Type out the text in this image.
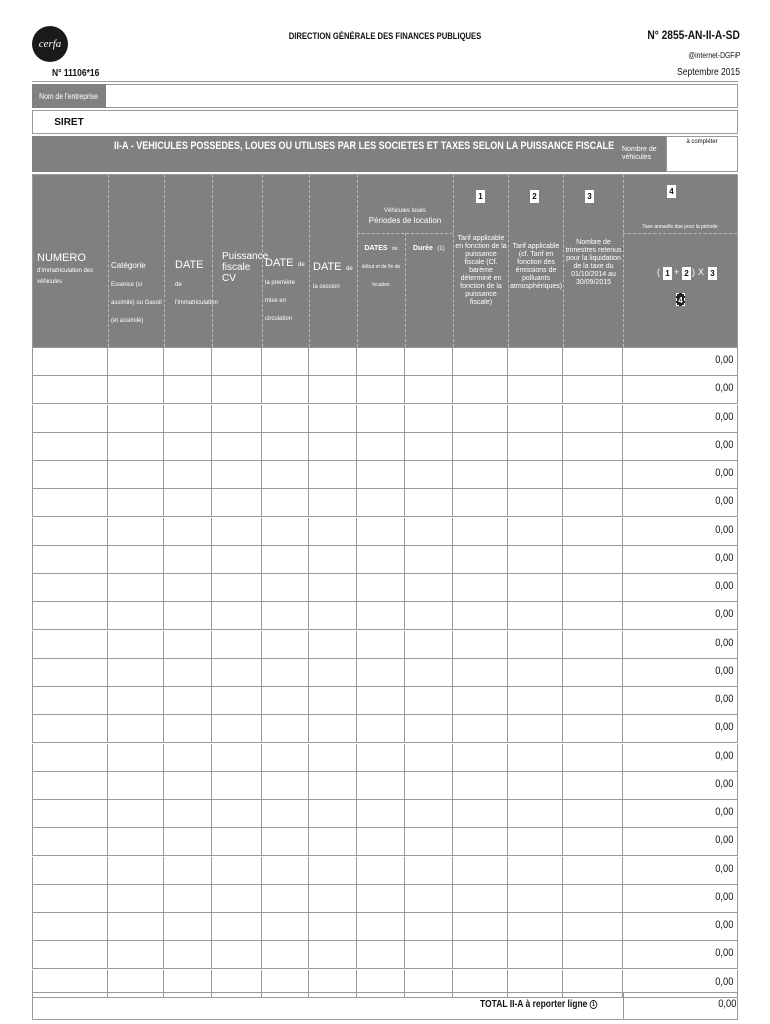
cerfa
DIRECTION GÉNÉRALE DES FINANCES PUBLIQUES	N° 2855-AN-II-A-SD
@internet-DGFiP
Septembre 2015
N° 11106*16
Nom de l'entreprise
SIRET
II-A - VEHICULES POSSEDES, LOUES OU UTILISES PAR LES SOCIETES ET TAXES SELON LA PUISSANCE FISCALE Nombre de véhicules
à compléter
NUMERO d'immatriculation des véhicules
Catégorie Essence (si assimilé) ou Gasoil (et assimilé)
DATE de l'immatriculation
Puissance fiscale CV
DATE de la première mise en circulation
DATE de la cession
Véhicules loués
Périodes de location
DATES de début et de fin de location
Durée (1)
1
Tarif applicable en fonction de la puissance fiscale (Cf. barème déterminé en fonction de la puissance fiscale)
2
Tarif applicable (cf. Tarif en fonction des émissions de polluants atmosphériques)
3
Nombre de trimestres retenus pour la liquidation de la taxe du 01/10/2014 au 30/09/2015
4
Taxe annuelle due pour la période
( 1 + 2 ) X 3
4
0,00
0,00
0,00
0,00
0,00
0,00
0,00
0,00
0,00
0,00
0,00
0,00
0,00
0,00
0,00
0,00
0,00
0,00
0,00
0,00
0,00
0,00
0,00
TOTAL II-A à reporter ligne 1	0,00
